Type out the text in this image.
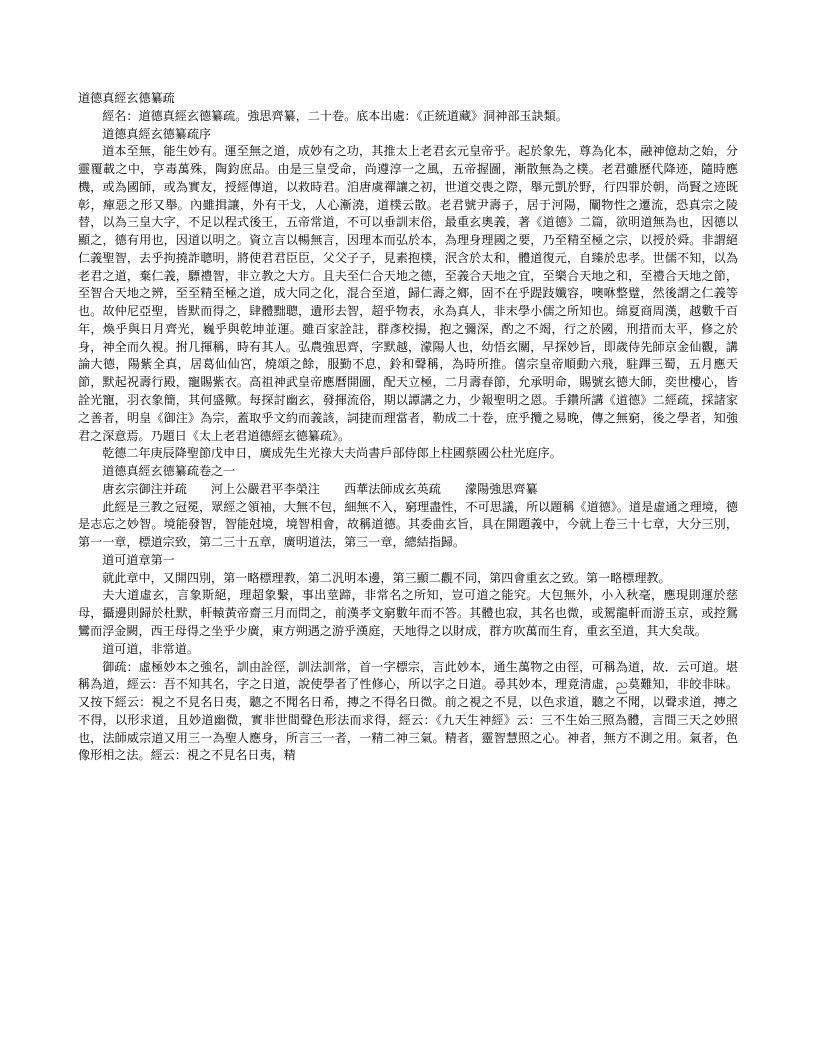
道德真經玄德纂疏

經名：道德真經玄德纂疏。強思齊纂，二十卷。底本出處：《正統道藏》洞神部玉訣類。

道德真經玄德纂疏序

道本至無，能生妙有。運至無之道，成妙有之功，其推太上老君玄元皇帝乎。起於象先，尊為化本，融神億劫之始，分靈覆載之中，亨毒萬殊，陶鈞庶品。由是三皇受命，尚遵淳一之風，五帝握圖，漸散無為之樸。老君雖歷代降迹，隨時應機，或為國師，或為實友，授經傳道，以救時君。洎唐虞禪讓之初，世道交喪之際，舉元凱於野，行四罪於朝，尚賢之迹既彰，癉惡之形又舉。內雖揖讓，外有干戈，人心漸澆，道樸云散。老君號尹壽子，居于河陽，闡物性之遷流，恐真宗之陵替，以為三皇大字，不足以程式後王，五帝常道，不可以垂訓末俗，最重玄奧義，著《道德》二篇，欲明道無為也，因德以顯之，德有用也，因道以明之。資立言以暢無言，因理本而弘於本，為理身理國之要，乃至精至極之宗，以授於舜。非謂絕仁義聖智，去乎拘撓詐聰明，將使君君臣臣，父父子子，見素抱樸，泯含於太和，體道復元，自臻於忠孝。世儒不知，以為老君之道，棄仁義，驃禮智，非立教之大方。且夫至仁合天地之德，至義合天地之宜，至樂合天地之和，至禮合天地之節，至智合天地之辨，至至精至極之道，成大同之化，混合至道，歸仁壽之鄉，固不在乎踶跂孅容，噢咻整躄，然後謂之仁義等也。故仲尼亞聖，皆默而得之，肆體黜聰，遺形去智，超乎物表，永為真人，非末學小儒之所知也。綿夏商周漢，越數千百年，煥乎與日月齊光，巍乎與乾坤並運。雖百家詮註，群彥校揚，抱之彌深，酌之不竭，行之於國，刑措而太平，修之於身，神全而久視。拊几揮稱，時有其人。弘農強思齊，字默越，濛陽人也，幼悟玄關，早探妙旨，即歲侍先師京金仙觀，講論大德，陽紫全真，居葛仙仙宮，燒頌之餘，服勤不息，鈴和聲稱，為時所推。僖宗皇帝順動六飛，駐蹕三蜀，五月應天節，默起祝壽行殿，寵賜紫衣。高祖神武皇帝應曆開圖，配天立極，二月壽春節，允承明命，賜號玄德大師，奕世樓心，皆詮光寵，羽衣象簡，其何盛歟。每探討幽玄，發揮流俗，期以譚講之力，少報聖明之恩。手鑽所講《道德》二經疏，採諸家之善者，明皇《御注》為宗，蓋取乎文約而義該，詞捷而理當者，勒成二十卷，庶乎攬之易晚，傳之無窮，後之學者，知強君之深意焉。乃題日《太上老君道德經玄德纂疏》。

乾德二年庚辰降聖節戊申日，廣成先生光祿大夫尚書戶部侍郎上柱國蔡國公杜光庭序。

道德真經玄德纂疏卷之一

唐玄宗御注并疏　　河上公嚴君平李榮注　　西華法師成玄英疏　　濛陽強思齊纂

此經是三教之冠冕，眾經之領袖，大無不包，細無不入，窮理盡性，不可思議，所以題稱《道德》。道是虛通之理境，德是志忘之妙智。境能發智，智能尅境，境智相會，故稱道德。其委曲玄旨，具在開題義中，今就上卷三十七章，大分三別，第一一章，標道宗致，第二三十五章，廣明道法，第三一章，總結指歸。

道可道章第一

就此章中，又開四別，第一略標理教，第二汎明本邊，第三顯二觀不同，第四會重玄之致。第一略標理教。

夫大道虛玄，言象斯絕，理超象繫，事出莖蹄，非常名之所知，豈可道之能究。大包無外，小入秋毫，應現則運於慈母，攝邊則歸於杜默，軒轅黃帝齋三月而問之，前漢孝文窮數年而不答。其體也寂，其名也微，或駕龍軒而游玉京，或控鴛鸞而浮金闕，西王母得之坐乎少廣，東方朔遇之游乎漢庭，天地得之以財成，群方吹萬而生育，重玄至道，其大矣哉。

道可道，非常道。

御疏：虛極妙本之強名，訓由詮徑，訓法訓常，首一字標宗，言此妙本，通生萬物之由徑，可稱為道，故．云可道。堪稱為道，經云：吾不知其名，字之日道，說使學者了性修心，所以字之日道。尋其妙本，理竟清虛，ည莫難知，非皎非昧。又按下經云：視之不見名日夷，聽之不聞名日希，摶之不得名日微。前之視之不見，以色求道，聽之不聞，以聲求道，摶之不得，以形求道，且妙道幽微，實非世間聲色形法而求得，經云：《九天生神經》云：三不生始三照為體，言間三天之妙照也，法師威宗道又用三一為聖人應身，所言三一者，一精二神三氣。精者，靈智慧照之心。神者，無方不測之用。氣者，色像形相之法。經云：視之不見名日夷，精
